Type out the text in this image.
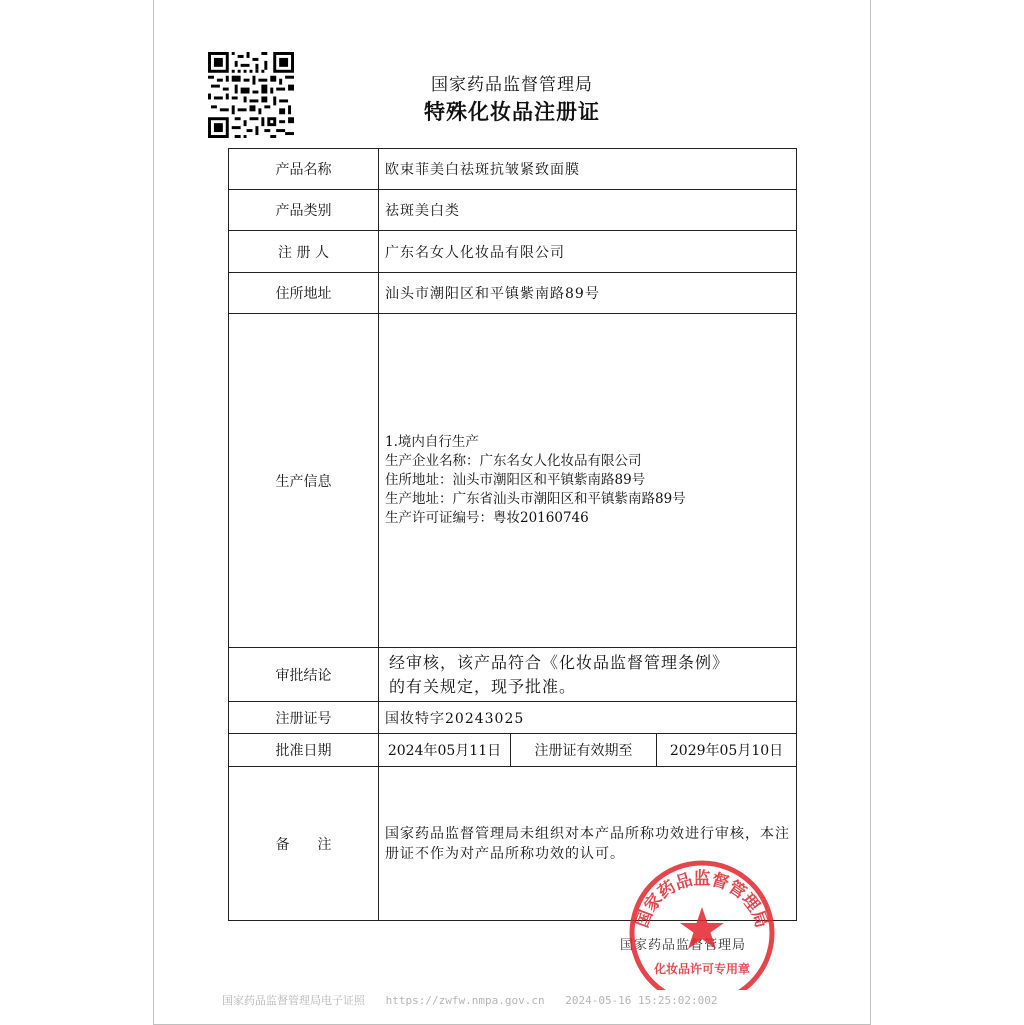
国家药品监督管理局
特殊化妆品注册证
产品名称	欧束菲美白祛斑抗皱紧致面膜		
产品类别	祛斑美白类		
注 册 人	广东名女人化妆品有限公司		
住所地址	汕头市潮阳区和平镇紫南路89号		
生产信息	1.境内自行生产
生产企业名称：广东名女人化妆品有限公司
住所地址：汕头市潮阳区和平镇紫南路89号
生产地址：广东省汕头市潮阳区和平镇紫南路89号
生产许可证编号：粤妆20160746		

审批结论	经审核，该产品符合《化妆品监督管理条例》
的有关规定，现予批准。		

注册证号	国妆特字20243025		
批准日期	2024年05月11日	注册证有效期至	2029年05月10日
备　　注	国家药品监督管理局未组织对本产品所称功效进行审核，本注册证不作为对产品所称功效的认可。		
国家药品监督管理局
国家药品监督管理局
化妆品许可专用章
国家药品监督管理局电子证照 https://zwfw.nmpa.gov.cn 2024-05-16 15:25:02:002
